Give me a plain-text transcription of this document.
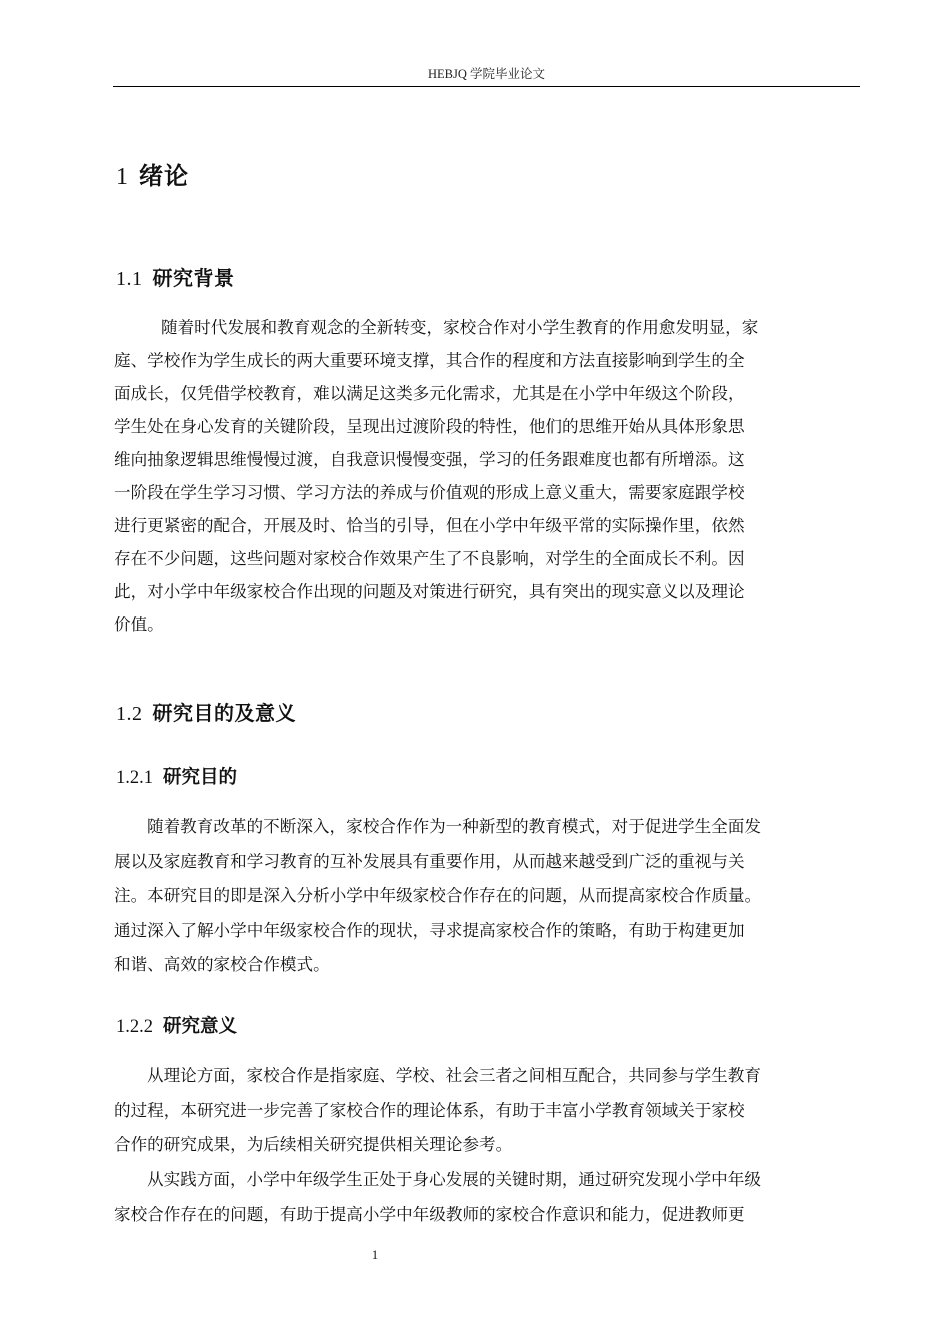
HEBJQ 学院毕业论文
1 绪论
1.1 研究背景
随着时代发展和教育观念的全新转变，家校合作对小学生教育的作用愈发明显，家
庭、学校作为学生成长的两大重要环境支撑，其合作的程度和方法直接影响到学生的全
面成长，仅凭借学校教育，难以满足这类多元化需求，尤其是在小学中年级这个阶段，
学生处在身心发育的关键阶段，呈现出过渡阶段的特性，他们的思维开始从具体形象思
维向抽象逻辑思维慢慢过渡，自我意识慢慢变强，学习的任务跟难度也都有所增添。这
一阶段在学生学习习惯、学习方法的养成与价值观的形成上意义重大，需要家庭跟学校
进行更紧密的配合，开展及时、恰当的引导，但在小学中年级平常的实际操作里，依然
存在不少问题，这些问题对家校合作效果产生了不良影响，对学生的全面成长不利。因
此，对小学中年级家校合作出现的问题及对策进行研究，具有突出的现实意义以及理论
价值。
1.2 研究目的及意义
1.2.1 研究目的
随着教育改革的不断深入，家校合作作为一种新型的教育模式，对于促进学生全面发
展以及家庭教育和学习教育的互补发展具有重要作用，从而越来越受到广泛的重视与关
注。本研究目的即是深入分析小学中年级家校合作存在的问题，从而提高家校合作质量。
通过深入了解小学中年级家校合作的现状，寻求提高家校合作的策略，有助于构建更加
和谐、高效的家校合作模式。
1.2.2 研究意义
从理论方面，家校合作是指家庭、学校、社会三者之间相互配合，共同参与学生教育
的过程，本研究进一步完善了家校合作的理论体系，有助于丰富小学教育领域关于家校
合作的研究成果，为后续相关研究提供相关理论参考。
从实践方面，小学中年级学生正处于身心发展的关键时期，通过研究发现小学中年级
家校合作存在的问题，有助于提高小学中年级教师的家校合作意识和能力，促进教师更
1
